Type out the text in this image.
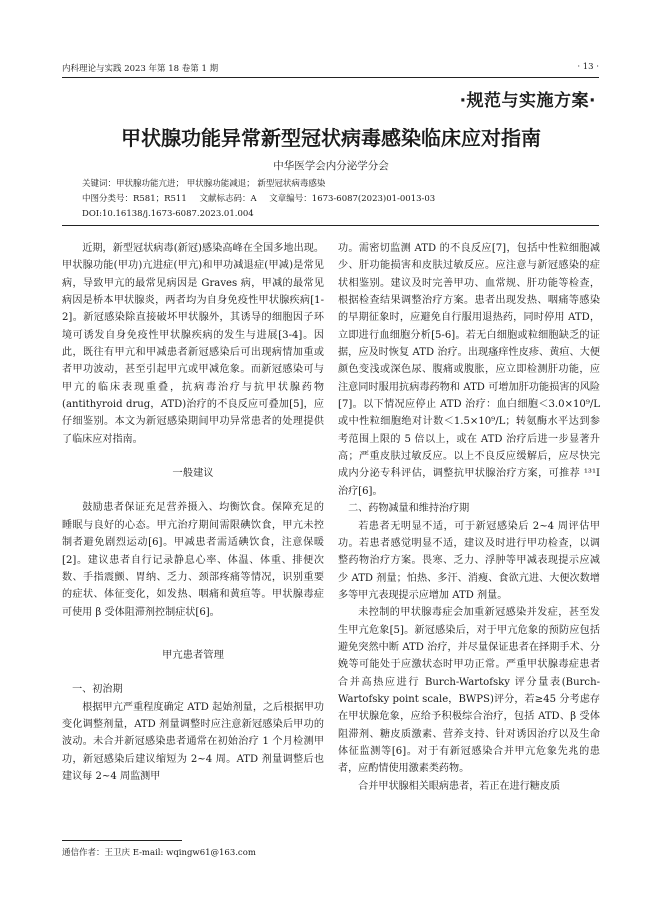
内科理论与实践 2023 年第 18 卷第 1 期	· 13 ·
·规范与实施方案·
甲状腺功能异常新型冠状病毒感染临床应对指南
中华医学会内分泌学分会
关键词：甲状腺功能亢进； 甲状腺功能减退； 新型冠状病毒感染
中图分类号：R581；R511 文献标志码：A 文章编号：1673-6087(2023)01-0013-03
DOI:10.16138/j.1673-6087.2023.01.004

近期，新型冠状病毒(新冠)感染高峰在全国多地出现。甲状腺功能(甲功)亢进症(甲亢)和甲功减退症(甲减)是常见病，导致甲亢的最常见病因是 Graves 病，甲减的最常见病因是桥本甲状腺炎，两者均为自身免疫性甲状腺疾病[1-2]。新冠感染除直接破坏甲状腺外，其诱导的细胞因子环境可诱发自身免疫性甲状腺疾病的发生与进展[3-4]。因此，既往有甲亢和甲减患者新冠感染后可出现病情加重或者甲功波动，甚至引起甲亢或甲减危象。而新冠感染可与甲亢的临床表现重叠，抗病毒治疗与抗甲状腺药物(antithyroid drug，ATD)治疗的不良反应可叠加[5]，应仔细鉴别。本文为新冠感染期间甲功异常患者的处理提供了临床应对指南。

一般建议

鼓励患者保证充足营养摄入、均衡饮食。保障充足的睡眠与良好的心态。甲亢治疗期间需限碘饮食，甲亢未控制者避免剧烈运动[6]。甲减患者需适碘饮食，注意保暖[2]。建议患者自行记录静息心率、体温、体重、排便次数、手指震颤、胃纳、乏力、颈部疼痛等情况，识别重要的症状、体征变化，如发热、咽痛和黄疸等。甲状腺毒症可使用 β 受体阻滞剂控制症状[6]。

甲亢患者管理

一、初治期

根据甲亢严重程度确定 ATD 起始剂量，之后根据甲功变化调整剂量，ATD 剂量调整时应注意新冠感染后甲功的波动。未合并新冠感染患者通常在初始治疗 1 个月检测甲功，新冠感染后建议缩短为 2~4 周。ATD 剂量调整后也建议每 2~4 周监测甲

功。需密切监测 ATD 的不良反应[7]，包括中性粒细胞减少、肝功能损害和皮肤过敏反应。应注意与新冠感染的症状相鉴别。建议及时完善甲功、血常规、肝功能等检查，根据检查结果调整治疗方案。患者出现发热、咽痛等感染的早期征象时，应避免自行服用退热药，同时停用 ATD，立即进行血细胞分析[5-6]。若无白细胞或粒细胞缺乏的证据，应及时恢复 ATD 治疗。出现瘙痒性皮疹、黄疸、大便颜色变浅或深色尿、腹痛或腹胀，应立即检测肝功能，应注意同时服用抗病毒药物和 ATD 可增加肝功能损害的风险[7]。以下情况应停止 ATD 治疗：血白细胞＜3.0×10⁹/L 或中性粒细胞绝对计数＜1.5×10⁹/L；转氨酶水平达到参考范围上限的 5 倍以上，或在 ATD 治疗后进一步显著升高；严重皮肤过敏反应。以上不良反应缓解后，应尽快完成内分泌专科评估，调整抗甲状腺治疗方案，可推荐 ¹³¹I 治疗[6]。

二、药物减量和维持治疗期

若患者无明显不适，可于新冠感染后 2~4 周评估甲功。若患者感觉明显不适，建议及时进行甲功检查，以调整药物治疗方案。畏寒、乏力、浮肿等甲减表现提示应减少 ATD 剂量；怕热、多汗、消瘦、食欲亢进、大便次数增多等甲亢表现提示应增加 ATD 剂量。

未控制的甲状腺毒症会加重新冠感染并发症，甚至发生甲亢危象[5]。新冠感染后，对于甲亢危象的预防应包括避免突然中断 ATD 治疗，并尽量保证患者在择期手术、分娩等可能处于应激状态时甲功正常。严重甲状腺毒症患者合并高热应进行 Burch-Wartofsky 评分量表(Burch-Wartofsky point scale，BWPS)评分，若≥45 分考虑存在甲状腺危象，应给予积极综合治疗，包括 ATD、β 受体阻滞剂、糖皮质激素、营养支持、针对诱因治疗以及生命体征监测等[6]。对于有新冠感染合并甲亢危象先兆的患者，应酌情使用激素类药物。

合并甲状腺相关眼病患者，若正在进行糖皮质

通信作者：王卫庆 E-mail: wqingw61@163.com
